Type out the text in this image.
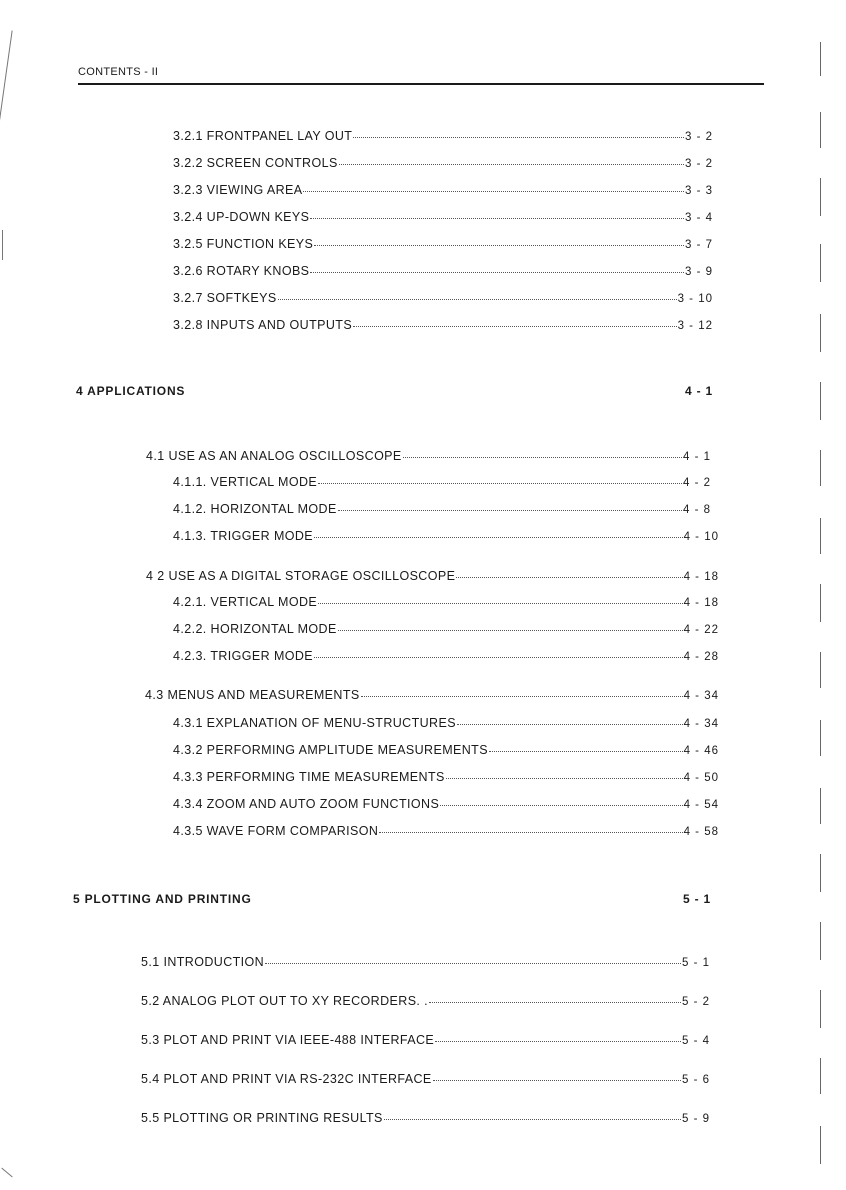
CONTENTS - II
3.2.1 FRONTPANEL LAY OUT	3 - 2
3.2.2 SCREEN CONTROLS	3 - 2
3.2.3 VIEWING AREA	3 - 3
3.2.4 UP-DOWN KEYS	3 - 4
3.2.5 FUNCTION KEYS	3 - 7
3.2.6 ROTARY KNOBS	3 - 9
3.2.7 SOFTKEYS	3 - 10
3.2.8 INPUTS AND OUTPUTS	3 - 12
4 APPLICATIONS	4 - 1
4.1 USE AS AN ANALOG OSCILLOSCOPE	4 - 1
4.1.1. VERTICAL MODE	4 - 2
4.1.2. HORIZONTAL MODE	4 - 8
4.1.3. TRIGGER MODE	4 - 10
4 2 USE AS A DIGITAL STORAGE OSCILLOSCOPE	4 - 18
4.2.1. VERTICAL MODE	4 - 18
4.2.2. HORIZONTAL MODE	4 - 22
4.2.3. TRIGGER MODE	4 - 28
4.3 MENUS AND MEASUREMENTS	4 - 34
4.3.1 EXPLANATION OF MENU-STRUCTURES	4 - 34
4.3.2 PERFORMING AMPLITUDE MEASUREMENTS	4 - 46
4.3.3 PERFORMING TIME MEASUREMENTS	4 - 50
4.3.4 ZOOM AND AUTO ZOOM FUNCTIONS	4 - 54
4.3.5 WAVE FORM COMPARISON	4 - 58
5 PLOTTING AND PRINTING	5 - 1
5.1 INTRODUCTION	5 - 1
5.2 ANALOG PLOT OUT TO XY RECORDERS. .	5 - 2
5.3 PLOT AND PRINT VIA IEEE-488 INTERFACE	5 - 4
5.4 PLOT AND PRINT VIA RS-232C INTERFACE	5 - 6
5.5 PLOTTING OR PRINTING RESULTS	5 - 9
